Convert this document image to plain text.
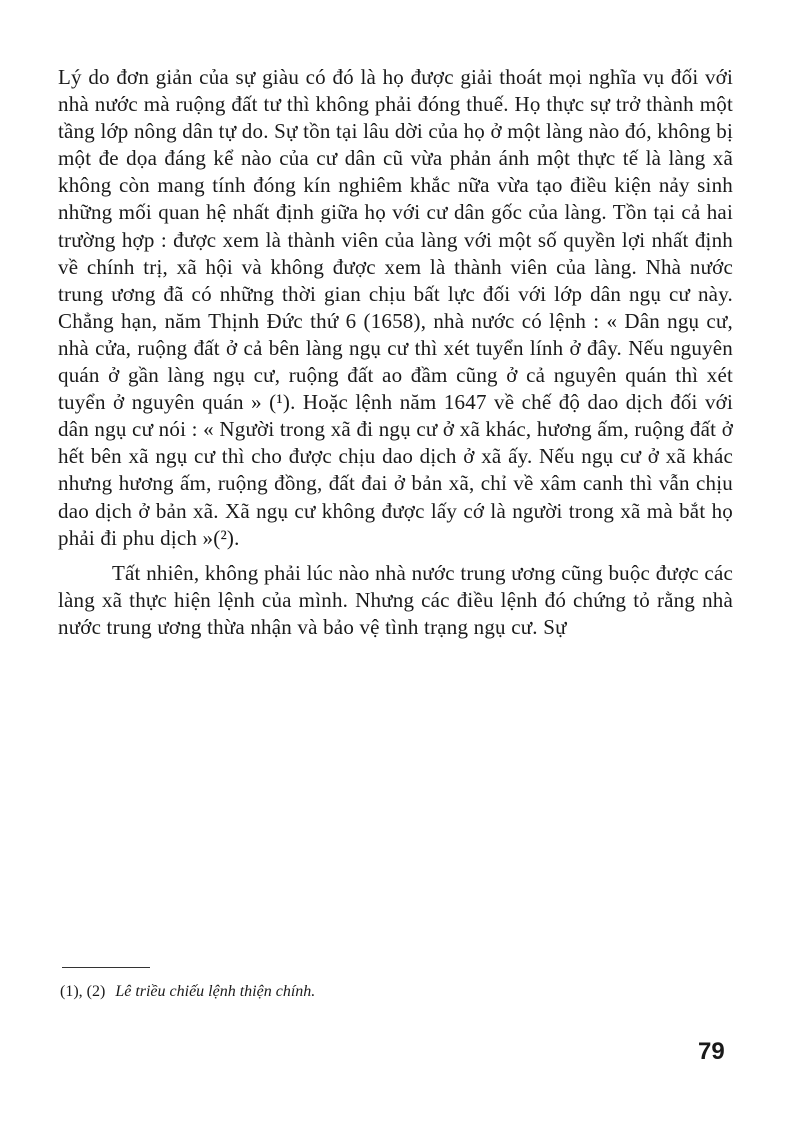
Lý do đơn giản của sự giàu có đó là họ được giải thoát mọi nghĩa vụ đối với nhà nước mà ruộng đất tư thì không phải đóng thuế. Họ thực sự trở thành một tầng lớp nông dân tự do. Sự tồn tại lâu dời của họ ở một làng nào đó, không bị một đe dọa đáng kể nào của cư dân cũ vừa phản ánh một thực tế là làng xã không còn mang tính đóng kín nghiêm khắc nữa vừa tạo điều kiện nảy sinh những mối quan hệ nhất định giữa họ với cư dân gốc của làng. Tồn tại cả hai trường hợp : được xem là thành viên của làng với một số quyền lợi nhất định về chính trị, xã hội và không được xem là thành viên của làng. Nhà nước trung ương đã có những thời gian chịu bất lực đối với lớp dân ngụ cư này. Chẳng hạn, năm Thịnh Đức thứ 6 (1658), nhà nước có lệnh : « Dân ngụ cư, nhà cửa, ruộng đất ở cả bên làng ngụ cư thì xét tuyển lính ở đây. Nếu nguyên quán ở gần làng ngụ cư, ruộng đất ao đầm cũng ở cả nguyên quán thì xét tuyển ở nguyên quán » (¹). Hoặc lệnh năm 1647 về chế độ dao dịch đối với dân ngụ cư nói : « Người trong xã đi ngụ cư ở xã khác, hương ấm, ruộng đất ở hết bên xã ngụ cư thì cho được chịu dao dịch ở xã ấy. Nếu ngụ cư ở xã khác nhưng hương ấm, ruộng đồng, đất đai ở bản xã, chỉ về xâm canh thì vẫn chịu dao dịch ở bản xã. Xã ngụ cư không được lấy cớ là người trong xã mà bắt họ phải đi phu dịch »(²).

Tất nhiên, không phải lúc nào nhà nước trung ương cũng buộc được các làng xã thực hiện lệnh của mình. Nhưng các điều lệnh đó chứng tỏ rằng nhà nước trung ương thừa nhận và bảo vệ tình trạng ngụ cư. Sự

(1), (2) Lê triều chiếu lệnh thiện chính.
79
